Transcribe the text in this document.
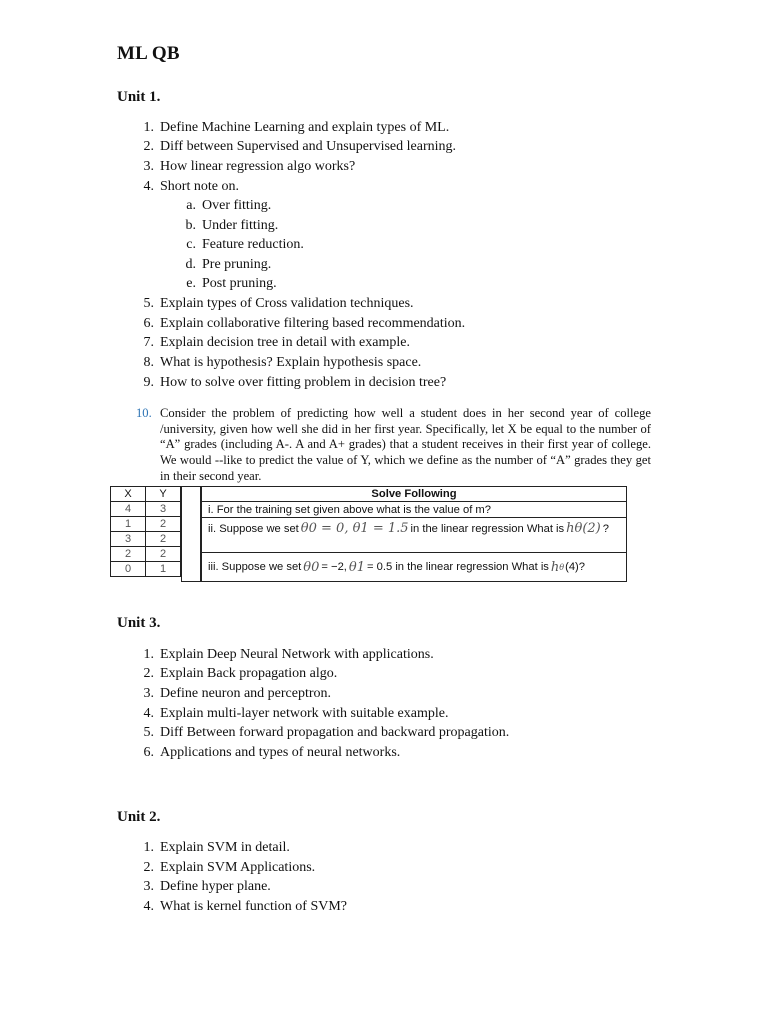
ML QB
Unit 1.
1. Define Machine Learning and explain types of ML.
2. Diff between Supervised and Unsupervised learning.
3. How linear regression algo works?
4. Short note on.
a. Over fitting.
b. Under fitting.
c. Feature reduction.
d. Pre pruning.
e. Post pruning.
5. Explain types of Cross validation techniques.
6. Explain collaborative filtering based recommendation.
7. Explain decision tree in detail with example.
8. What is hypothesis? Explain hypothesis space.
9. How to solve over fitting problem in decision tree?
10. Consider the problem of predicting how well a student does in her second year of college /university, given how well she did in her first year. Specifically, let X be equal to the number of “A” grades (including A-. A and A+ grades) that a student receives in their first year of college. We would --like to predict the value of Y, which we define as the number of “A” grades they get in their second year.
X	Y
4	3
1	2
3	2
2	2
0	1
Solve Following
i. For the training set given above what is the value of m?
ii. Suppose we set θ0 = 0, θ1 = 1.5 in the linear regression What is hθ(2) ?
iii. Suppose we set θ0 = −2, θ1 = 0.5 in the linear regression What is h θ (4)?
Unit 3.
1. Explain Deep Neural Network with applications.
2. Explain Back propagation algo.
3. Define neuron and perceptron.
4. Explain multi-layer network with suitable example.
5. Diff Between forward propagation and backward propagation.
6. Applications and types of neural networks.
Unit 2.
1. Explain SVM in detail.
2. Explain SVM Applications.
3. Define hyper plane.
4. What is kernel function of SVM?
